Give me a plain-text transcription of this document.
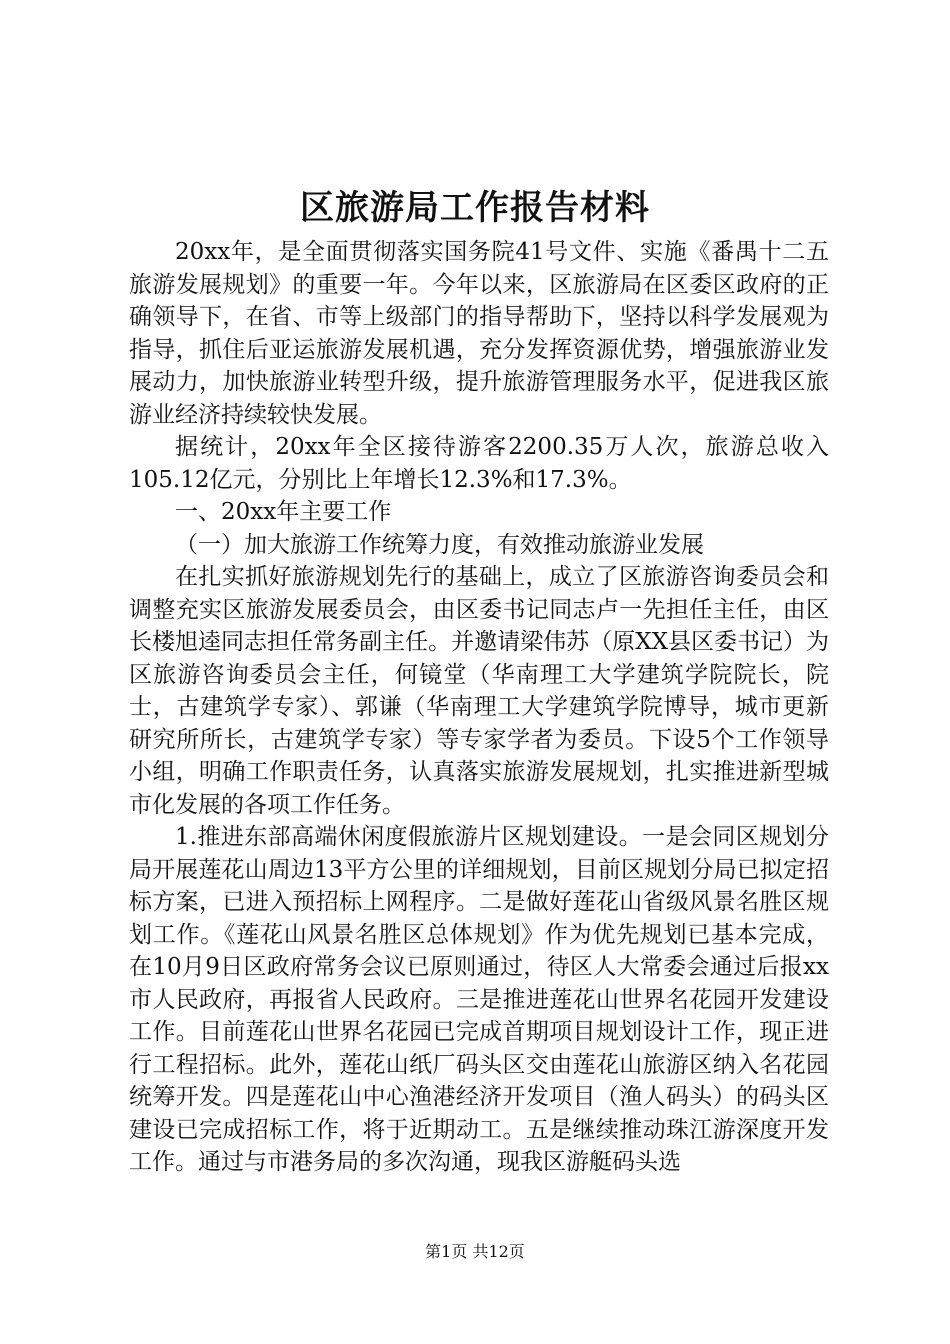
区旅游局工作报告材料

20xx年，是全面贯彻落实国务院41号文件、实施《番禺十二五旅游发展规划》的重要一年。今年以来，区旅游局在区委区政府的正确领导下，在省、市等上级部门的指导帮助下，坚持以科学发展观为指导，抓住后亚运旅游发展机遇，充分发挥资源优势，增强旅游业发展动力，加快旅游业转型升级，提升旅游管理服务水平，促进我区旅游业经济持续较快发展。

据统计，20xx年全区接待游客2200.35万人次，旅游总收入105.12亿元，分别比上年增长12.3%和17.3%。

一、20xx年主要工作

（一）加大旅游工作统筹力度，有效推动旅游业发展

在扎实抓好旅游规划先行的基础上，成立了区旅游咨询委员会和调整充实区旅游发展委员会，由区委书记同志卢一先担任主任，由区长楼旭逵同志担任常务副主任。并邀请梁伟苏（原XX县区委书记）为区旅游咨询委员会主任，何镜堂（华南理工大学建筑学院院长，院士，古建筑学专家）、郭谦（华南理工大学建筑学院博导，城市更新研究所所长，古建筑学专家）等专家学者为委员。下设5个工作领导小组，明确工作职责任务，认真落实旅游发展规划，扎实推进新型城市化发展的各项工作任务。

1.推进东部高端休闲度假旅游片区规划建设。一是会同区规划分局开展莲花山周边13平方公里的详细规划，目前区规划分局已拟定招标方案，已进入预招标上网程序。二是做好莲花山省级风景名胜区规划工作。《莲花山风景名胜区总体规划》作为优先规划已基本完成，在10月9日区政府常务会议已原则通过，待区人大常委会通过后报xx市人民政府，再报省人民政府。三是推进莲花山世界名花园开发建设工作。目前莲花山世界名花园已完成首期项目规划设计工作，现正进行工程招标。此外，莲花山纸厂码头区交由莲花山旅游区纳入名花园统筹开发。四是莲花山中心渔港经济开发项目（渔人码头）的码头区建设已完成招标工作，将于近期动工。五是继续推动珠江游深度开发工作。通过与市港务局的多次沟通，现我区游艇码头选

第1页 共12页
